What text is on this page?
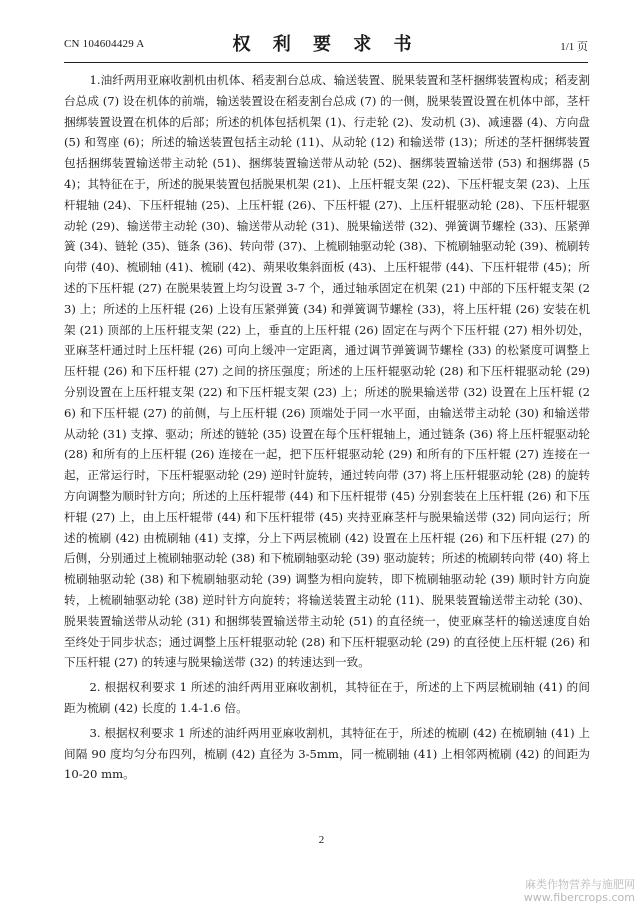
CN 104604429 A	权 利 要 求 书	1/1 页

1.油纤两用亚麻收割机由机体、稻麦割台总成、输送装置、脱果装置和茎杆捆绑装置构成；稻麦割台总成 (7) 设在机体的前端，输送装置设在稻麦割台总成 (7) 的一侧，脱果装置设置在机体中部，茎杆捆绑装置设置在机体的后部；所述的机体包括机架 (1)、行走轮 (2)、发动机 (3)、减速器 (4)、方向盘 (5) 和驾座 (6)；所述的输送装置包括主动轮 (11)、从动轮 (12) 和输送带 (13)；所述的茎杆捆绑装置包括捆绑装置输送带主动轮 (51)、捆绑装置输送带从动轮 (52)、捆绑装置输送带 (53) 和捆绑器 (54)；其特征在于，所述的脱果装置包括脱果机架 (21)、上压杆辊支架 (22)、下压杆辊支架 (23)、上压杆辊轴 (24)、下压杆辊轴 (25)、上压杆辊 (26)、下压杆辊 (27)、上压杆辊驱动轮 (28)、下压杆辊驱动轮 (29)、输送带主动轮 (30)、输送带从动轮 (31)、脱果输送带 (32)、弹簧调节螺栓 (33)、压紧弹簧 (34)、链轮 (35)、链条 (36)、转向带 (37)、上梳刷轴驱动轮 (38)、下梳刷轴驱动轮 (39)、梳刷转向带 (40)、梳刷轴 (41)、梳刷 (42)、蒴果收集斜面板 (43)、上压杆辊带 (44)、下压杆辊带 (45)；所述的下压杆辊 (27) 在脱果装置上均匀设置 3-7 个，通过轴承固定在机架 (21) 中部的下压杆辊支架 (23) 上；所述的上压杆辊 (26) 上设有压紧弹簧 (34) 和弹簧调节螺栓 (33)，将上压杆辊 (26) 安装在机架 (21) 顶部的上压杆辊支架 (22) 上，垂直的上压杆辊 (26) 固定在与两个下压杆辊 (27) 相外切处，亚麻茎杆通过时上压杆辊 (26) 可向上缓冲一定距离，通过调节弹簧调节螺栓 (33) 的松紧度可调整上压杆辊 (26) 和下压杆辊 (27) 之间的挤压强度；所述的上压杆辊驱动轮 (28) 和下压杆辊驱动轮 (29) 分别设置在上压杆辊支架 (22) 和下压杆辊支架 (23) 上；所述的脱果输送带 (32) 设置在上压杆辊 (26) 和下压杆辊 (27) 的前侧，与上压杆辊 (26) 顶端处于同一水平面，由输送带主动轮 (30) 和输送带从动轮 (31) 支撑、驱动；所述的链轮 (35) 设置在每个压杆辊轴上，通过链条 (36) 将上压杆辊驱动轮 (28) 和所有的上压杆辊 (26) 连接在一起，把下压杆辊驱动轮 (29) 和所有的下压杆辊 (27) 连接在一起，正常运行时，下压杆辊驱动轮 (29) 逆时针旋转，通过转向带 (37) 将上压杆辊驱动轮 (28) 的旋转方向调整为顺时针方向；所述的上压杆辊带 (44) 和下压杆辊带 (45) 分别套装在上压杆辊 (26) 和下压杆辊 (27) 上，由上压杆辊带 (44) 和下压杆辊带 (45) 夹持亚麻茎杆与脱果输送带 (32) 同向运行；所述的梳刷 (42) 由梳刷轴 (41) 支撑，分上下两层梳刷 (42) 设置在上压杆辊 (26) 和下压杆辊 (27) 的后侧，分别通过上梳刷轴驱动轮 (38) 和下梳刷轴驱动轮 (39) 驱动旋转；所述的梳刷转向带 (40) 将上梳刷轴驱动轮 (38) 和下梳刷轴驱动轮 (39) 调整为相向旋转，即下梳刷轴驱动轮 (39) 顺时针方向旋转，上梳刷轴驱动轮 (38) 逆时针方向旋转；将输送装置主动轮 (11)、脱果装置输送带主动轮 (30)、脱果装置输送带从动轮 (31) 和捆绑装置输送带主动轮 (51) 的直径统一，使亚麻茎杆的输送速度自始至终处于同步状态；通过调整上压杆辊驱动轮 (28) 和下压杆辊驱动轮 (29) 的直径使上压杆辊 (26) 和下压杆辊 (27) 的转速与脱果输送带 (32) 的转速达到一致。

2. 根据权利要求 1 所述的油纤两用亚麻收割机，其特征在于，所述的上下两层梳刷轴 (41) 的间距为梳刷 (42) 长度的 1.4-1.6 倍。

3. 根据权利要求 1 所述的油纤两用亚麻收割机，其特征在于，所述的梳刷 (42) 在梳刷轴 (41) 上间隔 90 度均匀分布四列，梳刷 (42) 直径为 3-5mm，同一梳刷轴 (41) 上相邻两梳刷 (42) 的间距为 10-20 mm。

2
麻类作物营养与施肥网
www.fibercrops.com
